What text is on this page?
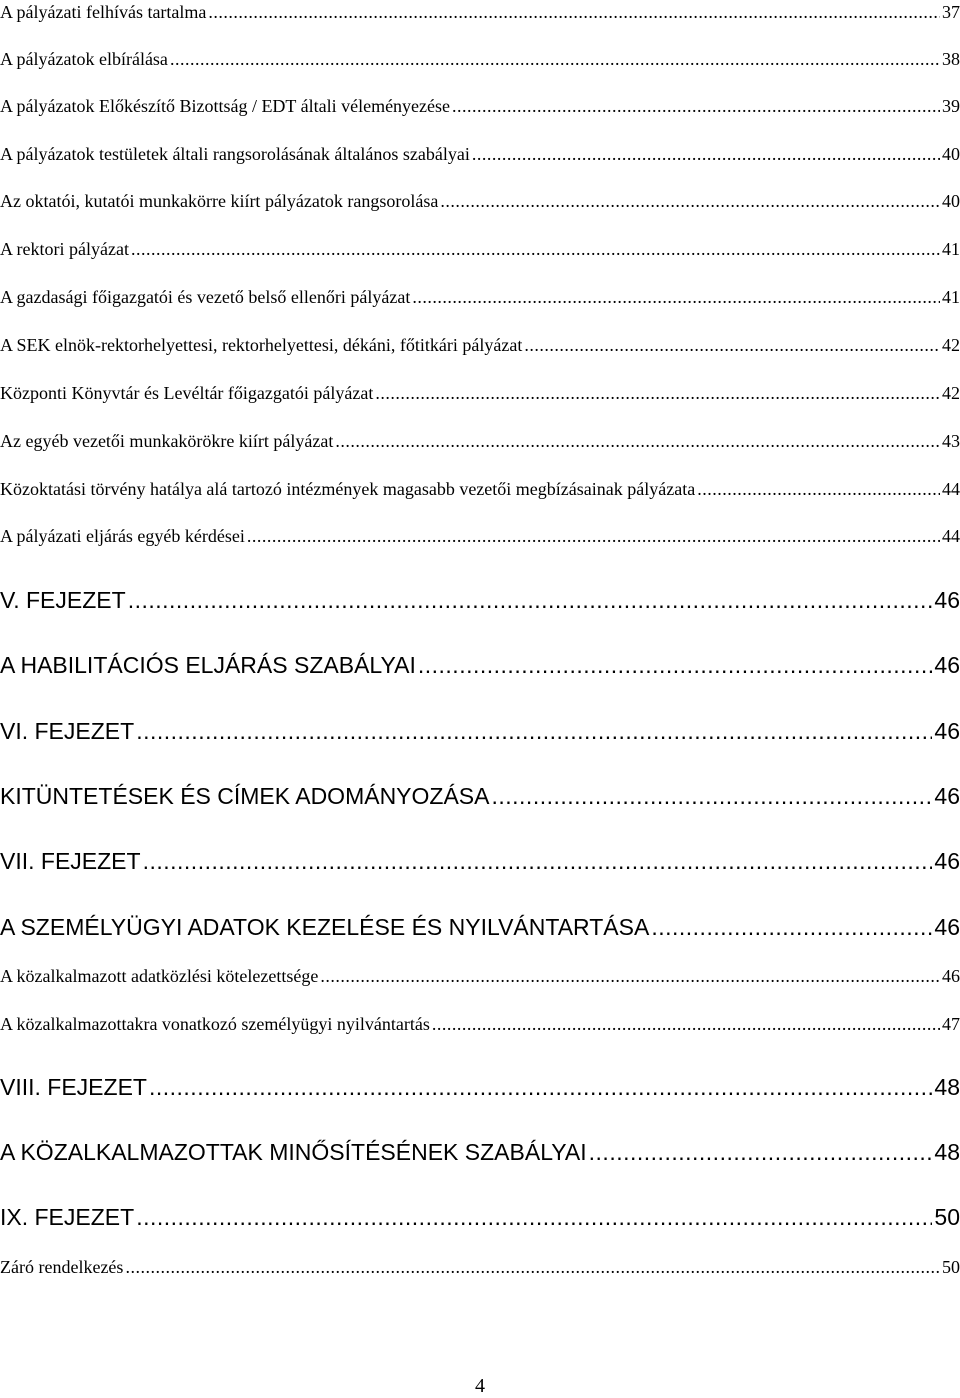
A pályázati felhívás tartalma .....	37
A pályázatok elbírálása .....	38
A pályázatok Előkészítő Bizottság / EDT általi véleményezése .....	39
A pályázatok testületek általi rangsorolásának általános szabályai .....	40
Az oktatói, kutatói munkakörre kiírt pályázatok rangsorolása .....	40
A rektori pályázat .....	41
A gazdasági főigazgatói és vezető belső ellenőri pályázat .....	41
A SEK elnök-rektorhelyettesi, rektorhelyettesi, dékáni, főtitkári pályázat .....	42
Központi Könyvtár és Levéltár főigazgatói pályázat .....	42
Az egyéb vezetői munkakörökre kiírt pályázat .....	43
Közoktatási törvény hatálya alá tartozó intézmények magasabb vezetői megbízásainak pályázata .....	44
A pályázati eljárás egyéb kérdései .....	44
V. FEJEZET .....	46
A HABILITÁCIÓS ELJÁRÁS SZABÁLYAI .....	46
VI. FEJEZET .....	46
KITÜNTETÉSEK ÉS CÍMEK ADOMÁNYOZÁSA .....	46
VII. FEJEZET .....	46
A SZEMÉLYÜGYI ADATOK KEZELÉSE ÉS NYILVÁNTARTÁSA .....	46
A közalkalmazott adatközlési kötelezettsége .....	46
A közalkalmazottakra vonatkozó személyügyi nyilvántartás .....	47
VIII. FEJEZET .....	48
A KÖZALKALMAZOTTAK MINŐSÍTÉSÉNEK SZABÁLYAI .....	48
IX. FEJEZET .....	50
Záró rendelkezés .....	50
4
